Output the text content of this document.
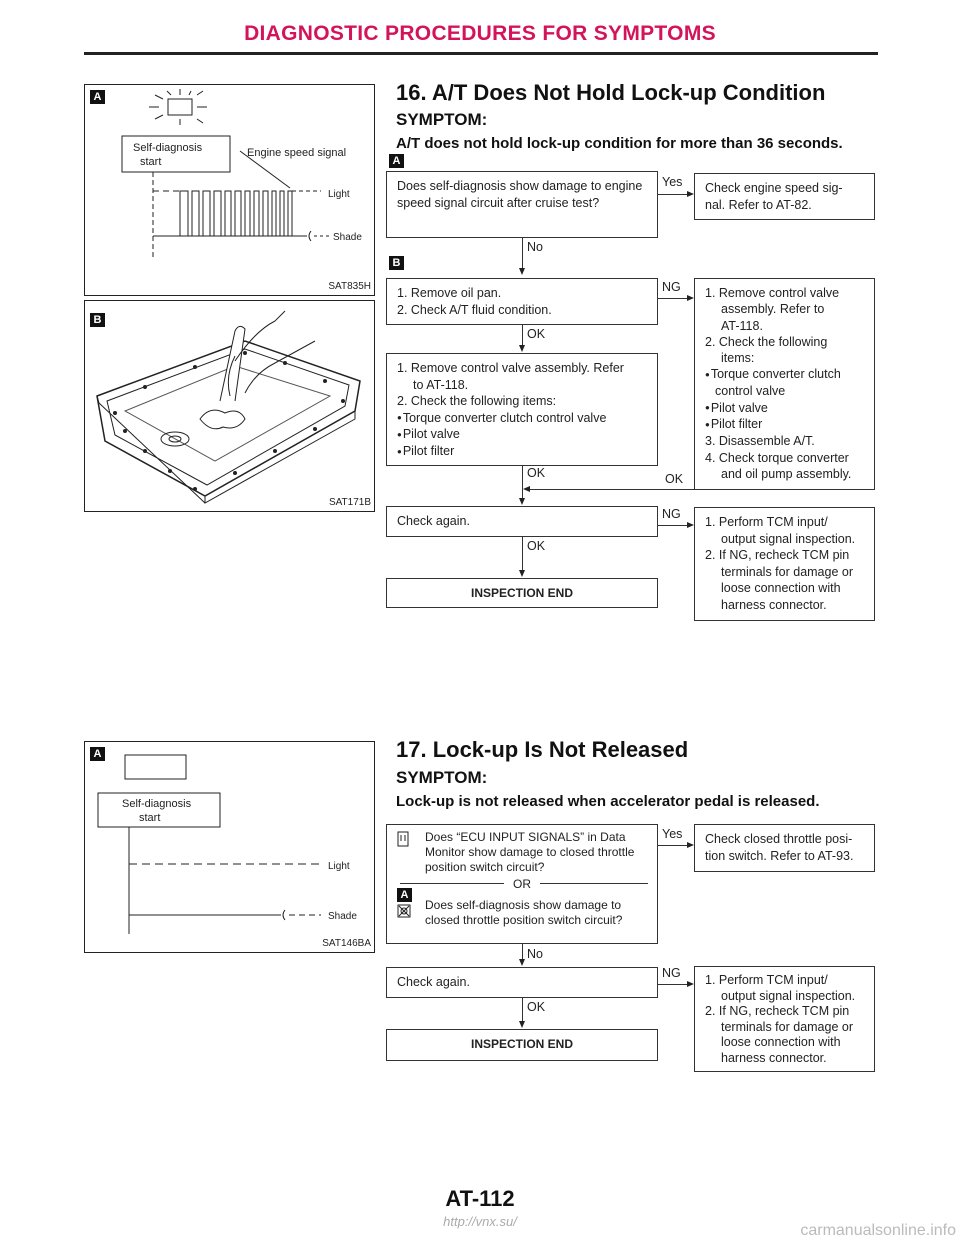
DIAGNOSTIC PROCEDURES FOR SYMPTOMS
A
Self-diagnosis
start
Engine speed signal
Light
Shade
SAT835H
B
SAT171B
16. A/T Does Not Hold Lock-up Condition
SYMPTOM:
A/T does not hold lock-up condition for more than 36 seconds.
A
Does self-diagnosis show damage to engine speed signal circuit after cruise test?
Yes	Check engine speed sig- nal. Refer to AT-82.
No
B
1. Remove oil pan.
2. Check A/T fluid condition.
NG 1. Remove control valve
assembly. Refer to
AT-118.
2. Check the following
items:
● Torque converter clutch
control valve
● Pilot valve
● Pilot filter
3. Disassemble A/T.
4. Check torque converter
and oil pump assembly.
OK
1. Remove control valve assembly. Refer
to AT-118.
2. Check the following items:
● Torque converter clutch control valve
● Pilot valve
● Pilot filter
OK	OK
Check again.	NG
1. Perform TCM input/
output signal inspection.
2. If NG, recheck TCM pin
terminals for damage or
loose connection with
harness connector.
OK
INSPECTION END
A
Self-diagnosis
start
Light
Shade
SAT146BA
17. Lock-up Is Not Released
SYMPTOM:
Lock-up is not released when accelerator pedal is released.
Does “ECU INPUT SIGNALS” in Data Monitor show damage to closed throttle position switch circuit?
OR
Does self-diagnosis show damage to closed throttle position switch circuit?
A
Yes	Check closed throttle posi- tion switch. Refer to AT-93.
No
Check again.
NG 1. Perform TCM input/
output signal inspection.
2. If NG, recheck TCM pin
terminals for damage or
loose connection with
harness connector.
OK
INSPECTION END
AT-112
http://vnx.su/
carmanualsonline.info
